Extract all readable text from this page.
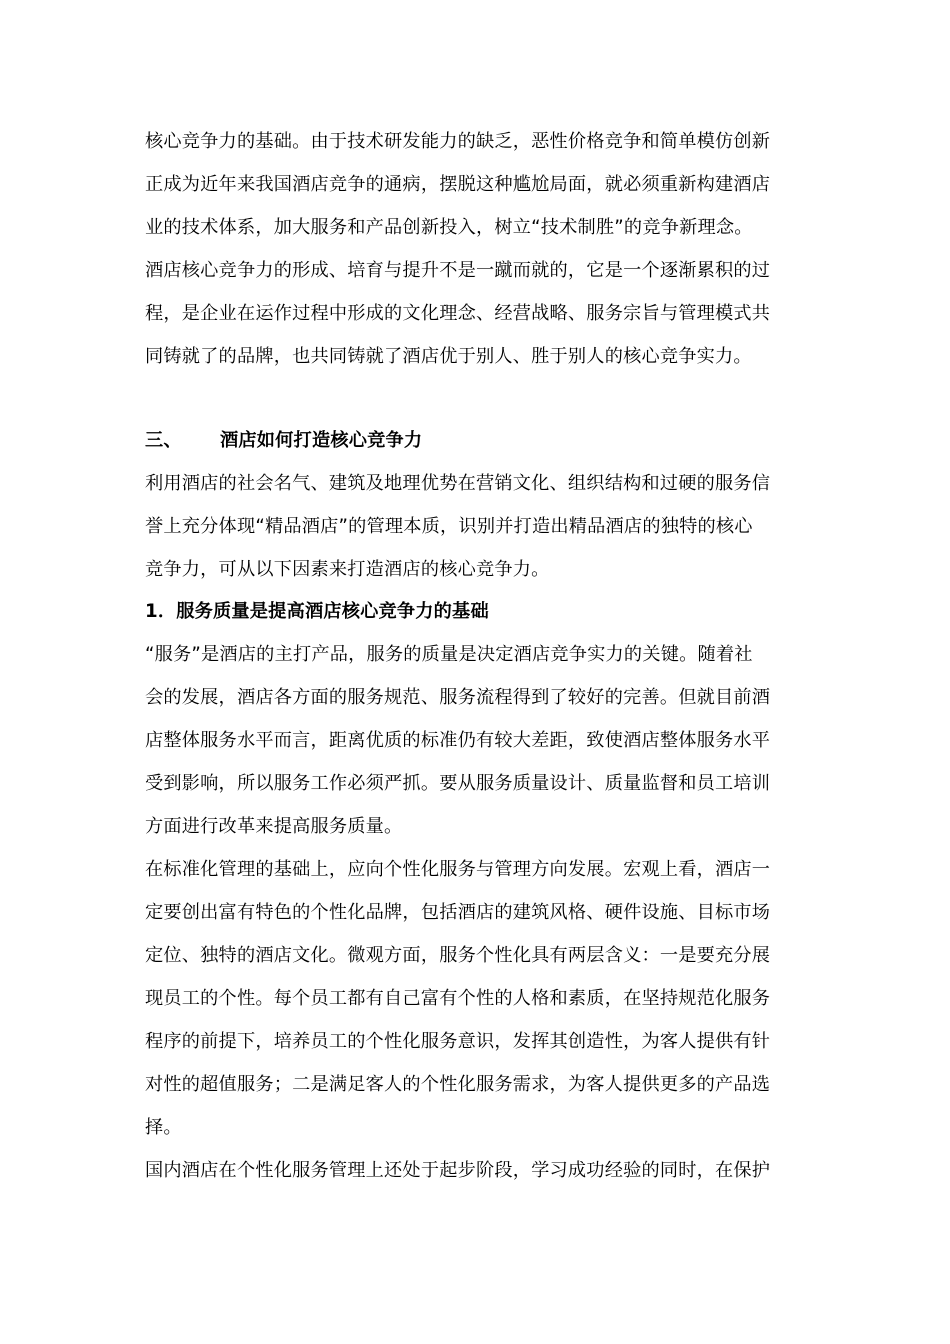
核心竞争力的基础。由于技术研发能力的缺乏，恶性价格竞争和简单模仿创新
正成为近年来我国酒店竞争的通病，摆脱这种尴尬局面，就必须重新构建酒店
业的技术体系，加大服务和产品创新投入，树立“技术制胜”的竞争新理念。
酒店核心竞争力的形成、培育与提升不是一蹴而就的，它是一个逐渐累积的过
程，是企业在运作过程中形成的文化理念、经营战略、服务宗旨与管理模式共
同铸就了的品牌，也共同铸就了酒店优于别人、胜于别人的核心竞争实力。
三、 酒店如何打造核心竞争力
利用酒店的社会名气、建筑及地理优势在营销文化、组织结构和过硬的服务信
誉上充分体现“精品酒店”的管理本质，识别并打造出精品酒店的独特的核心
竞争力，可从以下因素来打造酒店的核心竞争力。
1．服务质量是提高酒店核心竞争力的基础
“服务”是酒店的主打产品，服务的质量是决定酒店竞争实力的关键。随着社
会的发展，酒店各方面的服务规范、服务流程得到了较好的完善。但就目前酒
店整体服务水平而言，距离优质的标准仍有较大差距，致使酒店整体服务水平
受到影响，所以服务工作必须严抓。要从服务质量设计、质量监督和员工培训
方面进行改革来提高服务质量。
在标准化管理的基础上，应向个性化服务与管理方向发展。宏观上看，酒店一
定要创出富有特色的个性化品牌，包括酒店的建筑风格、硬件设施、目标市场
定位、独特的酒店文化。微观方面，服务个性化具有两层含义：一是要充分展
现员工的个性。每个员工都有自己富有个性的人格和素质，在坚持规范化服务
程序的前提下，培养员工的个性化服务意识，发挥其创造性，为客人提供有针
对性的超值服务；二是满足客人的个性化服务需求，为客人提供更多的产品选
择。
国内酒店在个性化服务管理上还处于起步阶段，学习成功经验的同时，在保护
